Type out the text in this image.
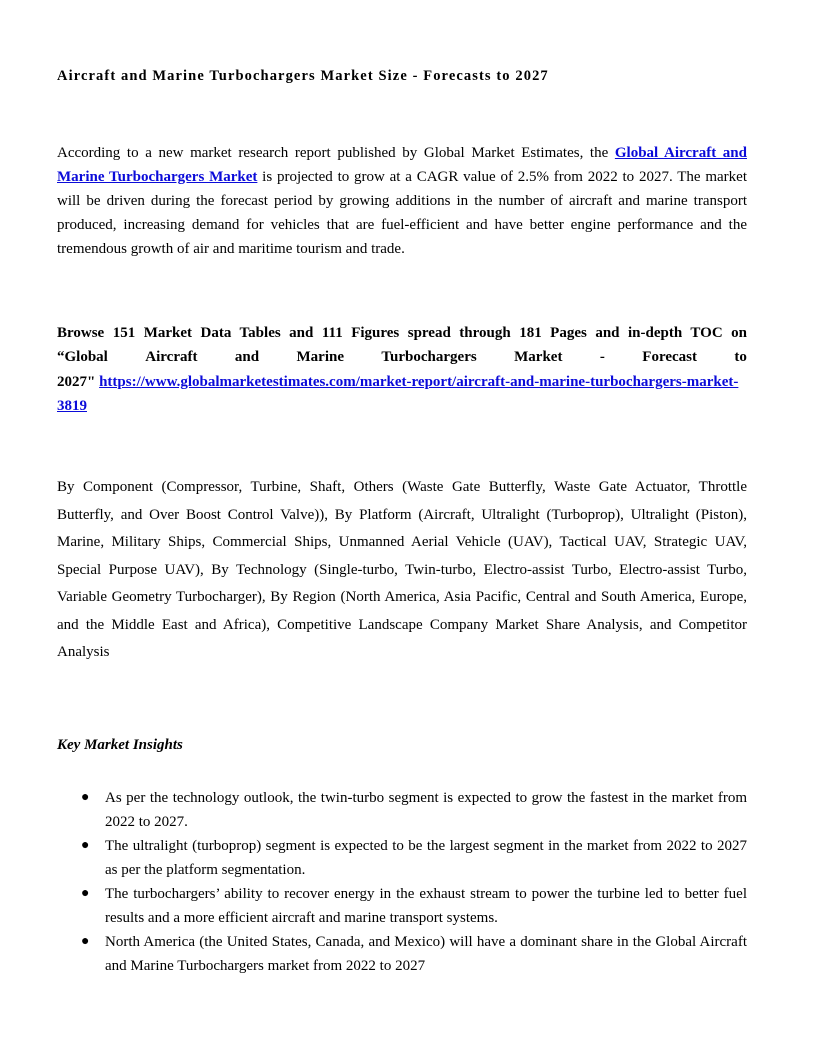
Aircraft and Marine Turbochargers Market Size - Forecasts to 2027
According to a new market research report published by Global Market Estimates, the Global Aircraft and Marine Turbochargers Market is projected to grow at a CAGR value of 2.5% from 2022 to 2027. The market will be driven during the forecast period by growing additions in the number of aircraft and marine transport produced, increasing demand for vehicles that are fuel-efficient and have better engine performance and the tremendous growth of air and maritime tourism and trade.
Browse 151 Market Data Tables and 111 Figures spread through 181 Pages and in-depth TOC on
“Global Aircraft and Marine Turbochargers Market - Forecast to
2027" https://www.globalmarketestimates.com/market-report/aircraft-and-marine-turbochargers-market-3819
By Component (Compressor, Turbine, Shaft, Others (Waste Gate Butterfly, Waste Gate Actuator, Throttle Butterfly, and Over Boost Control Valve)), By Platform (Aircraft, Ultralight (Turboprop), Ultralight (Piston), Marine, Military Ships, Commercial Ships, Unmanned Aerial Vehicle (UAV), Tactical UAV, Strategic UAV, Special Purpose UAV), By Technology (Single-turbo, Twin-turbo, Electro-assist Turbo, Electro-assist Turbo, Variable Geometry Turbocharger), By Region (North America, Asia Pacific, Central and South America, Europe, and the Middle East and Africa), Competitive Landscape Company Market Share Analysis, and Competitor Analysis
Key Market Insights
● As per the technology outlook, the twin-turbo segment is expected to grow the fastest in the market from 2022 to 2027.
● The ultralight (turboprop) segment is expected to be the largest segment in the market from 2022 to 2027 as per the platform segmentation.
● The turbochargers’ ability to recover energy in the exhaust stream to power the turbine led to better fuel results and a more efficient aircraft and marine transport systems.
● North America (the United States, Canada, and Mexico) will have a dominant share in the Global Aircraft and Marine Turbochargers market from 2022 to 2027
